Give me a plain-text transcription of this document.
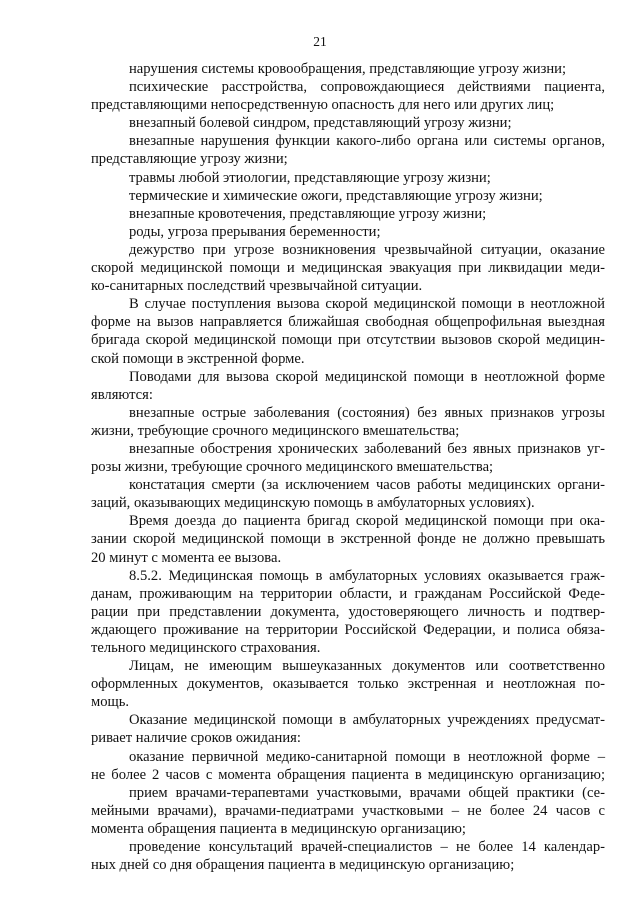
21
нарушения системы кровообращения, представляющие угрозу жизни;
психические расстройства, сопровождающиеся действиями пациента,
представляющими непосредственную опасность для него или других лиц;
внезапный болевой синдром, представляющий угрозу жизни;
внезапные нарушения функции какого-либо органа или системы органов,
представляющие угрозу жизни;
травмы любой этиологии, представляющие угрозу жизни;
термические и химические ожоги, представляющие угрозу жизни;
внезапные кровотечения, представляющие угрозу жизни;
роды, угроза прерывания беременности;
дежурство при угрозе возникновения чрезвычайной ситуации, оказание
скорой медицинской помощи и медицинская эвакуация при ликвидации меди-
ко-санитарных последствий чрезвычайной ситуации.
В случае поступления вызова скорой медицинской помощи в неотложной
форме на вызов направляется ближайшая свободная общепрофильная выездная
бригада скорой медицинской помощи при отсутствии вызовов скорой медицин-
ской помощи в экстренной форме.
Поводами для вызова скорой медицинской помощи в неотложной форме
являются:
внезапные острые заболевания (состояния) без явных признаков угрозы
жизни, требующие срочного медицинского вмешательства;
внезапные обострения хронических заболеваний без явных признаков уг-
розы жизни, требующие срочного медицинского вмешательства;
констатация смерти (за исключением часов работы медицинских органи-
заций, оказывающих медицинскую помощь в амбулаторных условиях).
Время доезда до пациента бригад скорой медицинской помощи при ока-
зании скорой медицинской помощи в экстренной фонде не должно превышать
20 минут с момента ее вызова.
8.5.2. Медицинская помощь в амбулаторных условиях оказывается граж-
данам, проживающим на территории области, и гражданам Российской Феде-
рации при представлении документа, удостоверяющего личность и подтвер-
ждающего проживание на территории Российской Федерации, и полиса обяза-
тельного медицинского страхования.
Лицам, не имеющим вышеуказанных документов или соответственно
оформленных документов, оказывается только экстренная и неотложная по-
мощь.
Оказание медицинской помощи в амбулаторных учреждениях предусмат-
ривает наличие сроков ожидания:
оказание первичной медико-санитарной помощи в неотложной форме –
не более 2 часов с момента обращения пациента в медицинскую организацию;
прием врачами-терапевтами участковыми, врачами общей практики (се-
мейными врачами), врачами-педиатрами участковыми – не более 24 часов с
момента обращения пациента в медицинскую организацию;
проведение консультаций врачей-специалистов – не более 14 календар-
ных дней со дня обращения пациента в медицинскую организацию;
